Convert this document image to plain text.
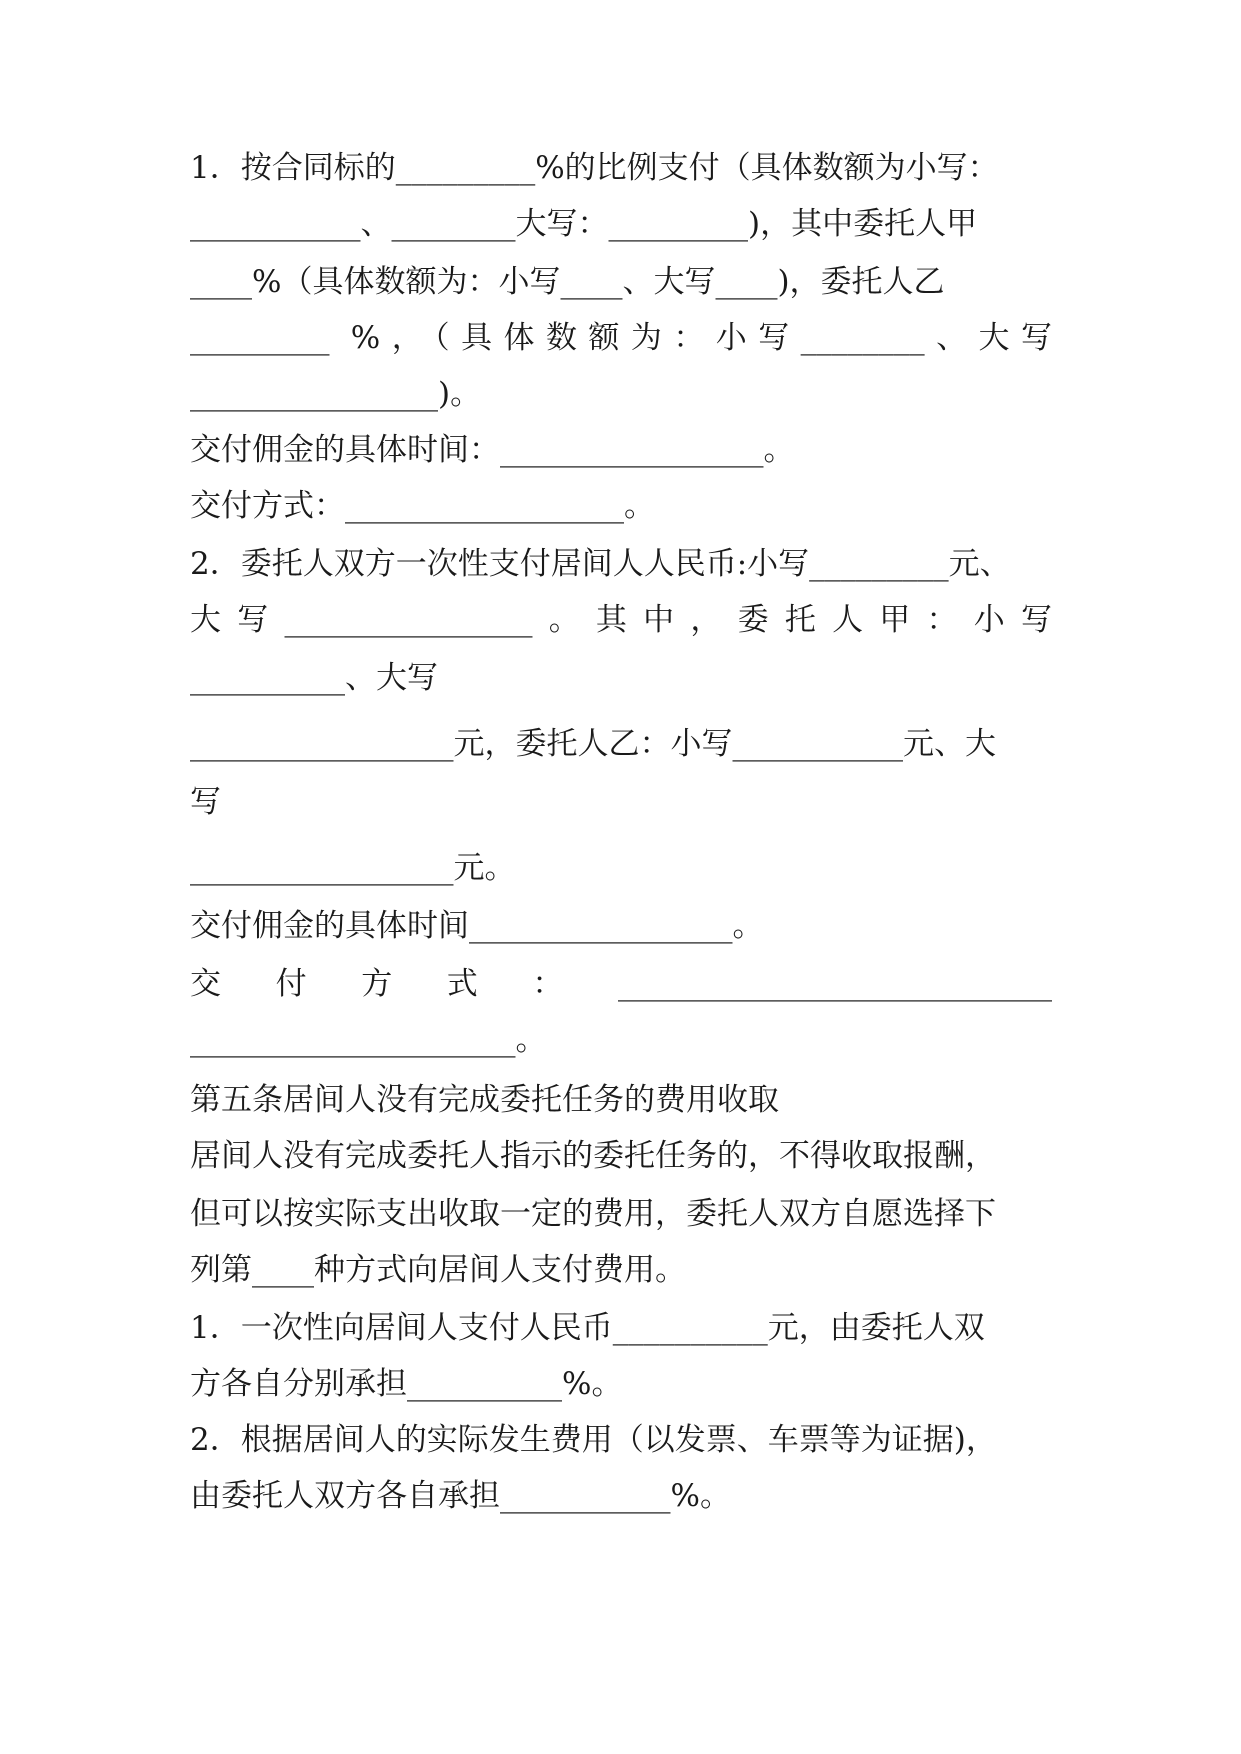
1．按合同标的_________%的比例支付（具体数额为小写：
___________、________大写：_________)，其中委托人甲
____%（具体数额为：小写____、大写____)，委托人乙
_________ %，（具体数额为：小写________、大写
________________)。
交付佣金的具体时间：_________________。
交付方式：__________________。
2．委托人双方一次性支付居间人人民币:小写_________元、
大写________________。其中，委托人甲：小写
__________、大写
_________________元，委托人乙：小写___________元、大
写
_________________元。
交付佣金的具体时间_________________。
交付方式：____________________________
_____________________。
第五条居间人没有完成委托任务的费用收取
居间人没有完成委托人指示的委托任务的，不得收取报酬，
但可以按实际支出收取一定的费用，委托人双方自愿选择下
列第____种方式向居间人支付费用。
1．一次性向居间人支付人民币__________元，由委托人双
方各自分别承担__________%。
2．根据居间人的实际发生费用（以发票、车票等为证据)，
由委托人双方各自承担___________%。
